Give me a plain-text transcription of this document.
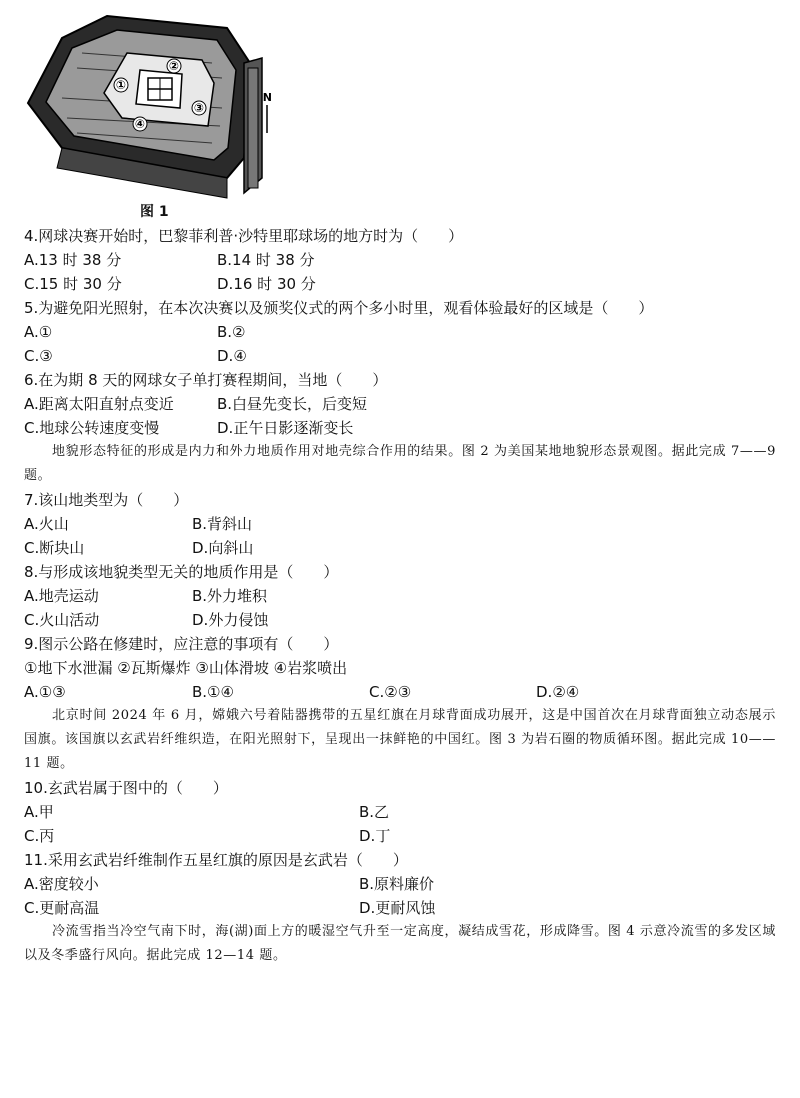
①
②
③
④
N
图 1
4.网球决赛开始时，巴黎菲利普·沙特里耶球场的地方时为（　　）
A.13 时 38 分	B.14 时 38 分
C.15 时 30 分	D.16 时 30 分
5.为避免阳光照射，在本次决赛以及颁奖仪式的两个多小时里，观看体验最好的区域是（　　）
A.①	B.②
C.③	D.④
6.在为期 8 天的网球女子单打赛程期间，当地（　　）
A.距离太阳直射点变近	B.白昼先变长，后变短
C.地球公转速度变慢	D.正午日影逐渐变长

地貌形态特征的形成是内力和外力地质作用对地壳综合作用的结果。图 2 为美国某地地貌形态景观图。据此完成 7——9 题。

7.该山地类型为（　　）
A.火山	B.背斜山
C.断块山	D.向斜山
8.与形成该地貌类型无关的地质作用是（　　）
A.地壳运动	B.外力堆积
C.火山活动	D.外力侵蚀
9.图示公路在修建时，应注意的事项有（　　）
①地下水泄漏 ②瓦斯爆炸 ③山体滑坡 ④岩浆喷出
A.①③	B.①④	C.②③	D.②④

北京时间 2024 年 6 月，嫦娥六号着陆器携带的五星红旗在月球背面成功展开，这是中国首次在月球背面独立动态展示国旗。该国旗以玄武岩纤维织造，在阳光照射下，呈现出一抹鲜艳的中国红。图 3 为岩石圈的物质循环图。据此完成 10——11 题。

10.玄武岩属于图中的（　　）
A.甲	B.乙
C.丙	D.丁
11.采用玄武岩纤维制作五星红旗的原因是玄武岩（　　）
A.密度较小	B.原料廉价
C.更耐高温	D.更耐风蚀

冷流雪指当冷空气南下时，海(湖)面上方的暖湿空气升至一定高度，凝结成雪花，形成降雪。图 4 示意冷流雪的多发区域以及冬季盛行风向。据此完成 12—14 题。
